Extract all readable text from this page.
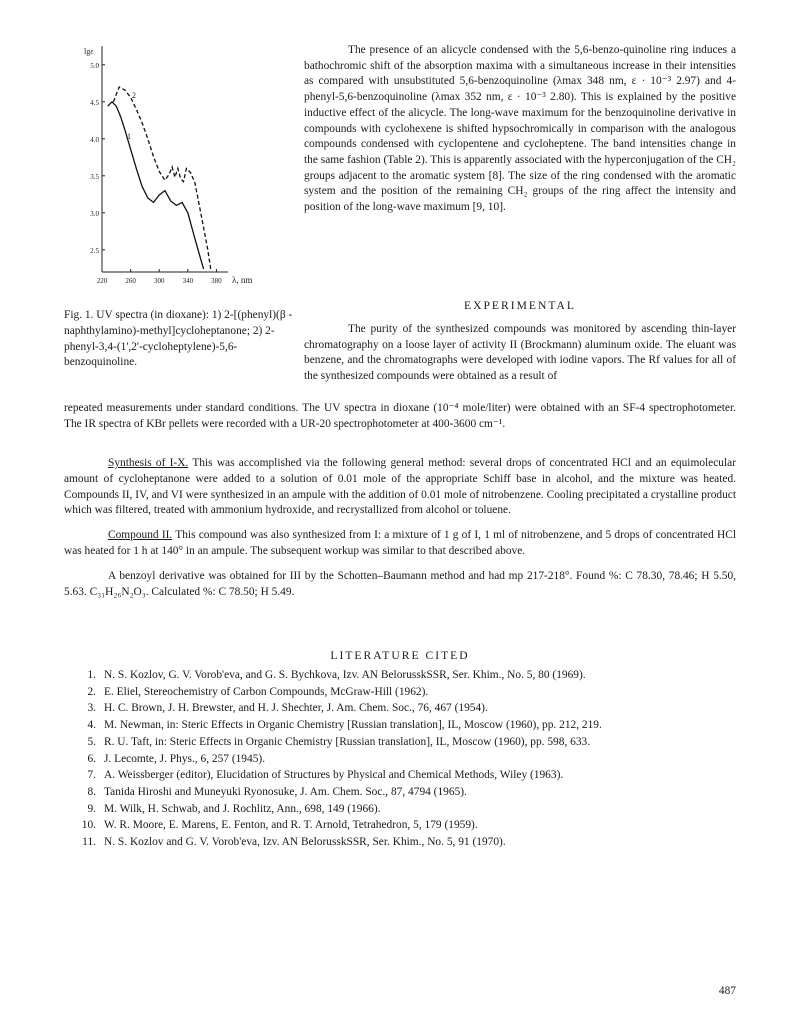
5.0
4.5
4.0
3.5
3.0
2.5
220	260	300	340	380
lgε
λ, nm
1
2
Fig. 1. UV spectra (in dioxane): 1) 2-[(phenyl)(β -naphthylamino)-methyl]cycloheptanone; 2) 2-phenyl-3,4-(1',2'-cycloheptylene)-5,6-benzoquinoline.

The presence of an alicycle condensed with the 5,6-benzo-quinoline ring induces a bathochromic shift of the absorption maxima with a simultaneous increase in their intensities as compared with unsubstituted 5,6-benzoquinoline (λmax 348 nm, ε · 10⁻³ 2.97) and 4-phenyl-5,6-benzoquinoline (λmax 352 nm, ε · 10⁻³ 2.80). This is explained by the positive inductive effect of the alicycle. The long-wave maximum for the benzoquinoline derivative in compounds with cyclohexene is shifted hypsochromically in comparison with the analogous compounds condensed with cyclopentene and cycloheptene. The band intensities change in the same fashion (Table 2). This is apparently associated with the hyperconjugation of the CH₂ groups adjacent to the aromatic system [8]. The size of the ring condensed with the aromatic system and the position of the remaining CH₂ groups of the ring affect the intensity and position of the long-wave maximum [9, 10].

EXPERIMENTAL

The purity of the synthesized compounds was monitored by ascending thin-layer chromatography on a loose layer of activity II (Brockmann) aluminum oxide. The eluant was benzene, and the chromatographs were developed with iodine vapors. The Rf values for all of the synthesized compounds were obtained as a result of

repeated measurements under standard conditions. The UV spectra in dioxane (10⁻⁴ mole/liter) were obtained with an SF-4 spectrophotometer. The IR spectra of KBr pellets were recorded with a UR-20 spectrophotometer at 400-3600 cm⁻¹.

Synthesis of I-X. This was accomplished via the following general method: several drops of concentrated HCl and an equimolecular amount of cycloheptanone were added to a solution of 0.01 mole of the appropriate Schiff base in alcohol, and the mixture was heated. Compounds II, IV, and VI were synthesized in an ampule with the addition of 0.01 mole of nitrobenzene. Cooling precipitated a crystalline product which was filtered, treated with ammonium hydroxide, and recrystallized from alcohol or toluene.

Compound II. This compound was also synthesized from I: a mixture of 1 g of I, 1 ml of nitrobenzene, and 5 drops of concentrated HCl was heated for 1 h at 140° in an ampule. The subsequent workup was similar to that described above.

A benzoyl derivative was obtained for III by the Schotten–Baumann method and had mp 217-218°. Found %: C 78.30, 78.46; H 5.50, 5.63. C₃₁H₂₆N₂O₃. Calculated %: C 78.50; H 5.49.

LITERATURE CITED
1. N. S. Kozlov, G. V. Vorob'eva, and G. S. Bychkova, Izv. AN BelorusskSSR, Ser. Khim., No. 5, 80 (1969).
2. E. Eliel, Stereochemistry of Carbon Compounds, McGraw-Hill (1962).
3. H. C. Brown, J. H. Brewster, and H. J. Shechter, J. Am. Chem. Soc., 76, 467 (1954).
4. M. Newman, in: Steric Effects in Organic Chemistry [Russian translation], IL, Moscow (1960), pp. 212, 219.
5. R. U. Taft, in: Steric Effects in Organic Chemistry [Russian translation], IL, Moscow (1960), pp. 598, 633.
6. J. Lecomte, J. Phys., 6, 257 (1945).
7. A. Weissberger (editor), Elucidation of Structures by Physical and Chemical Methods, Wiley (1963).
8. Tanida Hiroshi and Muneyuki Ryonosuke, J. Am. Chem. Soc., 87, 4794 (1965).
9. M. Wilk, H. Schwab, and J. Rochlitz, Ann., 698, 149 (1966).
10. W. R. Moore, E. Marens, E. Fenton, and R. T. Arnold, Tetrahedron, 5, 179 (1959).
11. N. S. Kozlov and G. V. Vorob'eva, Izv. AN BelorusskSSR, Ser. Khim., No. 5, 91 (1970).
487
